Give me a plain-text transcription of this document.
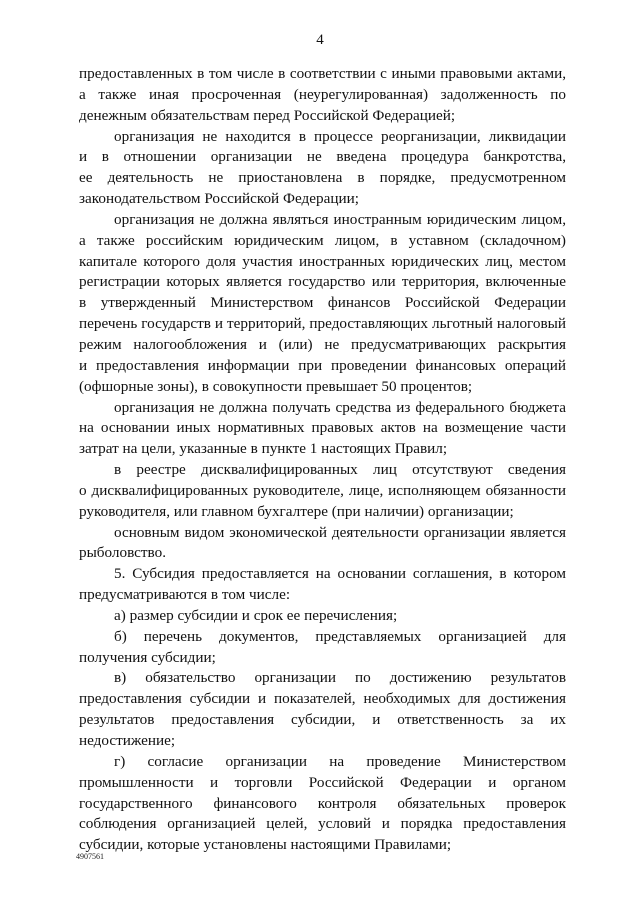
4
предоставленных в том числе в соответствии с иными правовыми актами,
а также иная просроченная (неурегулированная) задолженность по
денежным обязательствам перед Российской Федерацией;
организация не находится в процессе реорганизации, ликвидации
и в отношении организации не введена процедура банкротства,
ее деятельность не приостановлена в порядке, предусмотренном
законодательством Российской Федерации;
организация не должна являться иностранным юридическим лицом,
а также российским юридическим лицом, в уставном (складочном)
капитале которого доля участия иностранных юридических лиц, местом
регистрации которых является государство или территория, включенные
в утвержденный Министерством финансов Российской Федерации
перечень государств и территорий, предоставляющих льготный налоговый
режим налогообложения и (или) не предусматривающих раскрытия
и предоставления информации при проведении финансовых операций
(офшорные зоны), в совокупности превышает 50 процентов;
организация не должна получать средства из федерального бюджета
на основании иных нормативных правовых актов на возмещение части
затрат на цели, указанные в пункте 1 настоящих Правил;
в реестре дисквалифицированных лиц отсутствуют сведения
о дисквалифицированных руководителе, лице, исполняющем обязанности
руководителя, или главном бухгалтере (при наличии) организации;
основным видом экономической деятельности организации является
рыболовство.
5. Субсидия предоставляется на основании соглашения, в котором
предусматриваются в том числе:
а) размер субсидии и срок ее перечисления;
б) перечень документов, представляемых организацией для
получения субсидии;
в) обязательство организации по достижению результатов
предоставления субсидии и показателей, необходимых для достижения
результатов предоставления субсидии, и ответственность за их
недостижение;
г) согласие организации на проведение Министерством
промышленности и торговли Российской Федерации и органом
государственного финансового контроля обязательных проверок
соблюдения организацией целей, условий и порядка предоставления
субсидии, которые установлены настоящими Правилами;
4907561
